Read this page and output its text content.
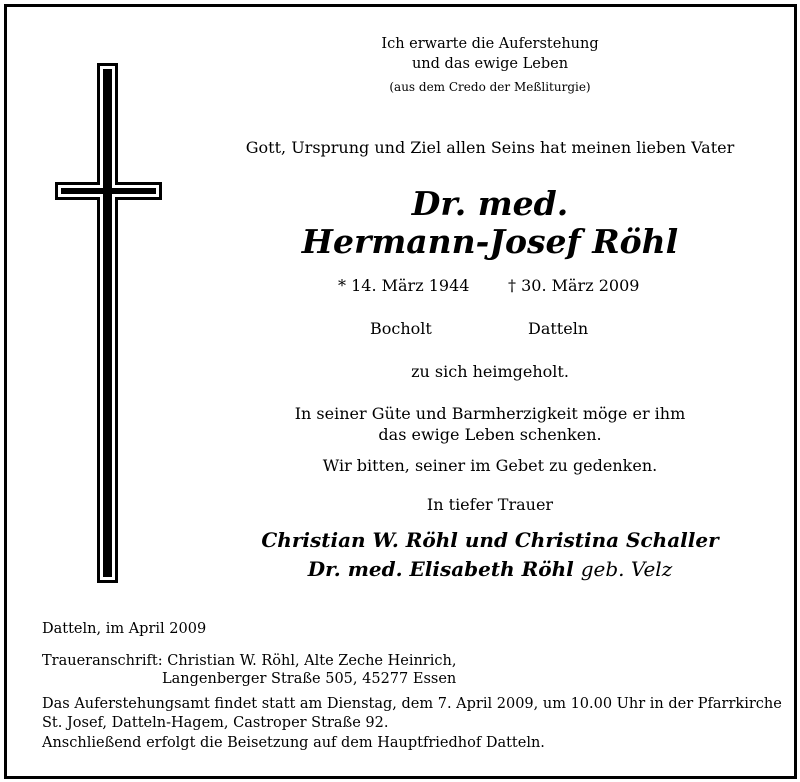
Ich erwarte die Auferstehung
und das ewige Leben
(aus dem Credo der Meßliturgie)
Gott, Ursprung und Ziel allen Seins hat meinen lieben Vater
Dr. med.
Hermann-Josef Röhl
* 14. März 1944	† 30. März 2009
Bocholt	Datteln
zu sich heimgeholt.
In seiner Güte und Barmherzigkeit möge er ihm
das ewige Leben schenken.
Wir bitten, seiner im Gebet zu gedenken.
In tiefer Trauer
Christian W. Röhl und Christina Schaller
Dr. med. Elisabeth Röhl geb. Velz
Datteln, im April 2009
Traueranschrift: Christian W. Röhl, Alte Zeche Heinrich,
Langenberger Straße 505, 45277 Essen
Das Auferstehungsamt findet statt am Dienstag, dem 7. April 2009, um 10.00 Uhr in der Pfarrkirche
St. Josef, Datteln-Hagem, Castroper Straße 92.
Anschließend erfolgt die Beisetzung auf dem Hauptfriedhof Datteln.
